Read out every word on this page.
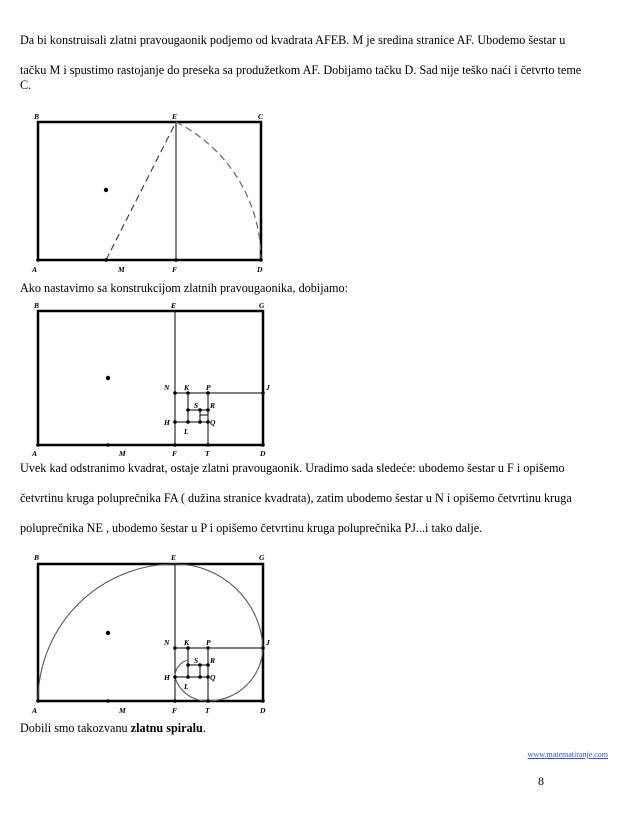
Da bi konstruisali zlatni pravougaonik podjemo od kvadrata AFEB. M je sredina stranice AF. Ubodemo šestar u
tačku M i spustimo rastojanje do preseka sa produžetkom AF. Dobijamo tačku D. Sad nije teško naći i četvrto teme
C.
B	E	C
A	M	F	D
Ako nastavimo sa konstrukcijom zlatnih pravougaonika, dobijamo:
B	E	G
N K P	J
S R
H
L
Q
A	M	F	T	D
Uvek kad odstranimo kvadrat, ostaje zlatni pravougaonik. Uradimo sada sledeće: ubodemo šestar u F i opišemo
četvrtinu kruga poluprečnika FA ( dužina stranice kvadrata), zatim ubodemo šestar u N i opišemo četvrtinu kruga
poluprečnika NE , ubodemo šestar u P i opišemo četvrtinu kruga poluprečnika PJ...i tako dalje.
B	E	G
N K P	J
S R
H
L
Q
A	M	F	T	D
Dobili smo takozvanu zlatnu spiralu.
www.matematiranje.com
8
